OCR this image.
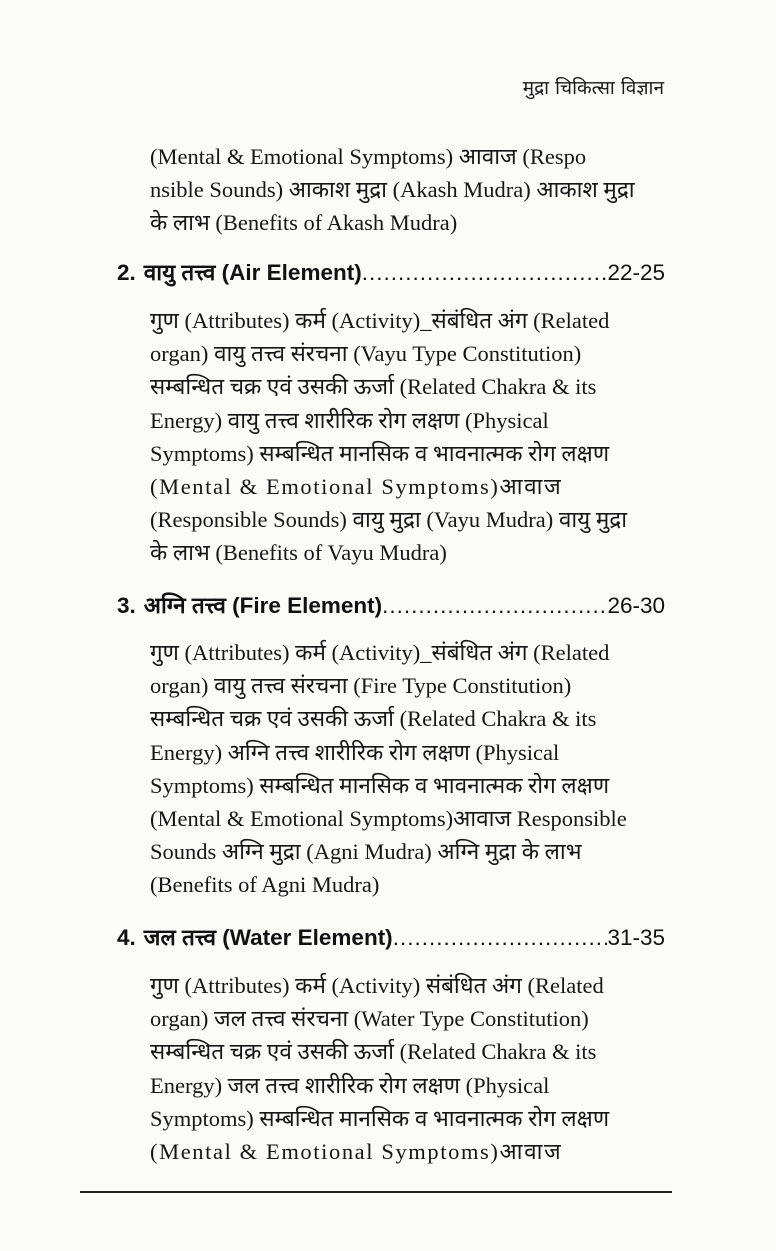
मुद्रा चिकित्सा विज्ञान
(Mental & Emotional Symptoms) आवाज (Respo
nsible Sounds) आकाश मुद्रा (Akash Mudra) आकाश मुद्रा
के लाभ (Benefits of Akash Mudra)
2. वायु तत्त्व (Air Element) .....	22-25
गुण (Attributes) कर्म (Activity)_संबंधित अंग (Related
organ) वायु तत्त्व संरचना (Vayu Type Constitution)
सम्बन्धित चक्र एवं उसकी ऊर्जा (Related Chakra & its
Energy) वायु तत्त्व शारीरिक रोग लक्षण (Physical
Symptoms) सम्बन्धित मानसिक व भावनात्मक रोग लक्षण
(Mental & Emotional Symptoms)आवाज
(Responsible Sounds) वायु मुद्रा (Vayu Mudra) वायु मुद्रा
के लाभ (Benefits of Vayu Mudra)
3. अग्नि तत्त्व (Fire Element) .....	26-30
गुण (Attributes) कर्म (Activity)_संबंधित अंग (Related
organ) वायु तत्त्व संरचना (Fire Type Constitution)
सम्बन्धित चक्र एवं उसकी ऊर्जा (Related Chakra & its
Energy) अग्नि तत्त्व शारीरिक रोग लक्षण (Physical
Symptoms) सम्बन्धित मानसिक व भावनात्मक रोग लक्षण
(Mental & Emotional Symptoms)आवाज Responsible
Sounds अग्नि मुद्रा (Agni Mudra) अग्नि मुद्रा के लाभ
(Benefits of Agni Mudra)
4. जल तत्त्व (Water Element) .....	31-35
गुण (Attributes) कर्म (Activity) संबंधित अंग (Related
organ) जल तत्त्व संरचना (Water Type Constitution)
सम्बन्धित चक्र एवं उसकी ऊर्जा (Related Chakra & its
Energy) जल तत्त्व शारीरिक रोग लक्षण (Physical
Symptoms) सम्बन्धित मानसिक व भावनात्मक रोग लक्षण
(Mental & Emotional Symptoms)आवाज
